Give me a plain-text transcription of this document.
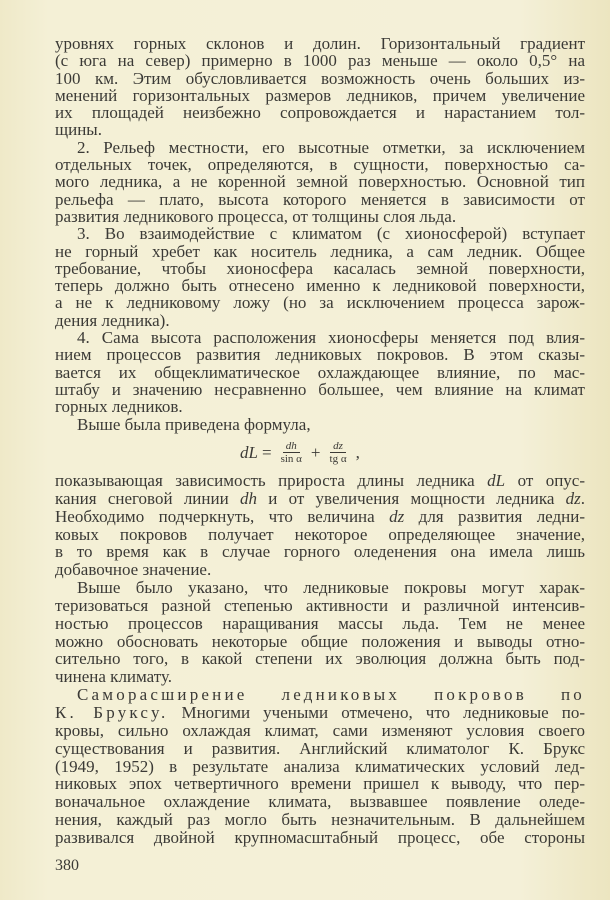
уровнях горных склонов и долин. Горизонтальный градиент
(с юга на север) примерно в 1000 раз меньше — около 0,5° на
100 км. Этим обусловливается возможность очень больших из-
менений горизонтальных размеров ледников, причем увеличение
их площадей неизбежно сопровождается и нарастанием тол-
щины.
2. Рельеф местности, его высотные отметки, за исключением
отдельных точек, определяются, в сущности, поверхностью са-
мого ледника, а не коренной земной поверхностью. Основной тип
рельефа — плато, высота которого меняется в зависимости от
развития ледникового процесса, от толщины слоя льда.
3. Во взаимодействие с климатом (с хионосферой) вступает
не горный хребет как носитель ледника, а сам ледник. Общее
требование, чтобы хионосфера касалась земной поверхности,
теперь должно быть отнесено именно к ледниковой поверхности,
а не к ледниковому ложу (но за исключением процесса зарож-
дения ледника).
4. Сама высота расположения хионосферы меняется под влия-
нием процессов развития ледниковых покровов. В этом сказы-
вается их общеклиматическое охлаждающее влияние, по мас-
штабу и значению несравненно большее, чем влияние на климат
горных ледников.
Выше была приведена формула,
dL = $\frac{dh}{\text{sin α}} + \frac{dz}{\text{tg α}}$ ,
показывающая зависимость прироста длины ледника dL от опус-
кания снеговой линии dh и от увеличения мощности ледника dz.
Необходимо подчеркнуть, что величина dz для развития ледни-
ковых покровов получает некоторое определяющее значение,
в то время как в случае горного оледенения она имела лишь
добавочное значение.
Выше было указано, что ледниковые покровы могут харак-
теризоваться разной степенью активности и различной интенсив-
ностью процессов наращивания массы льда. Тем не менее
можно обосновать некоторые общие положения и выводы отно-
сительно того, в какой степени их эволюция должна быть под-
чинена климату.
Саморасширение ледниковых покровов по
К. Бруксу. Многими учеными отмечено, что ледниковые по-
кровы, сильно охлаждая климат, сами изменяют условия своего
существования и развития. Английский климатолог К. Брукс
(1949, 1952) в результате анализа климатических условий лед-
никовых эпох четвертичного времени пришел к выводу, что пер-
воначальное охлаждение климата, вызвавшее появление оледе-
нения, каждый раз могло быть незначительным. В дальнейшем
развивался двойной крупномасштабный процесс, обе стороны
380
